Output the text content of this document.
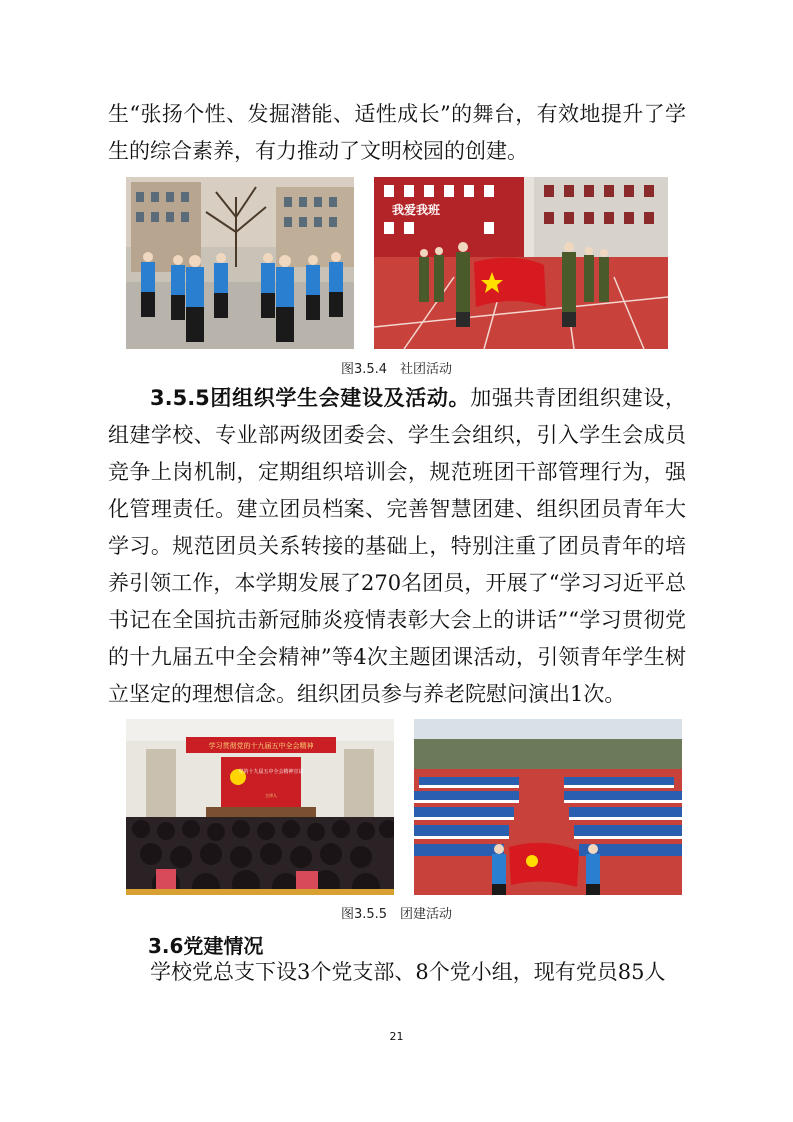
生“张扬个性、发掘潜能、适性成长”的舞台，有效地提升了学生的综合素养，有力推动了文明校园的创建。

我爱我班
图3.5.4　社团活动

3.5.5团组织学生会建设及活动。加强共青团组织建设，组建学校、专业部两级团委会、学生会组织，引入学生会成员竞争上岗机制，定期组织培训会，规范班团干部管理行为，强化管理责任。建立团员档案、完善智慧团建、组织团员青年大学习。规范团员关系转接的基础上，特别注重了团员青年的培养引领工作，本学期发展了270名团员，开展了“学习习近平总书记在全国抗击新冠肺炎疫情表彰大会上的讲话”“学习贯彻党的十九届五中全会精神”等4次主题团课活动，引领青年学生树立坚定的理想信念。组织团员参与养老院慰问演出1次。

学习贯彻党的十九届五中全会精神
党的十九届五中全会精神宣讲
主讲人
图3.5.5　团建活动
3.6党建情况

学校党总支下设3个党支部、8个党小组，现有党员85人

21
